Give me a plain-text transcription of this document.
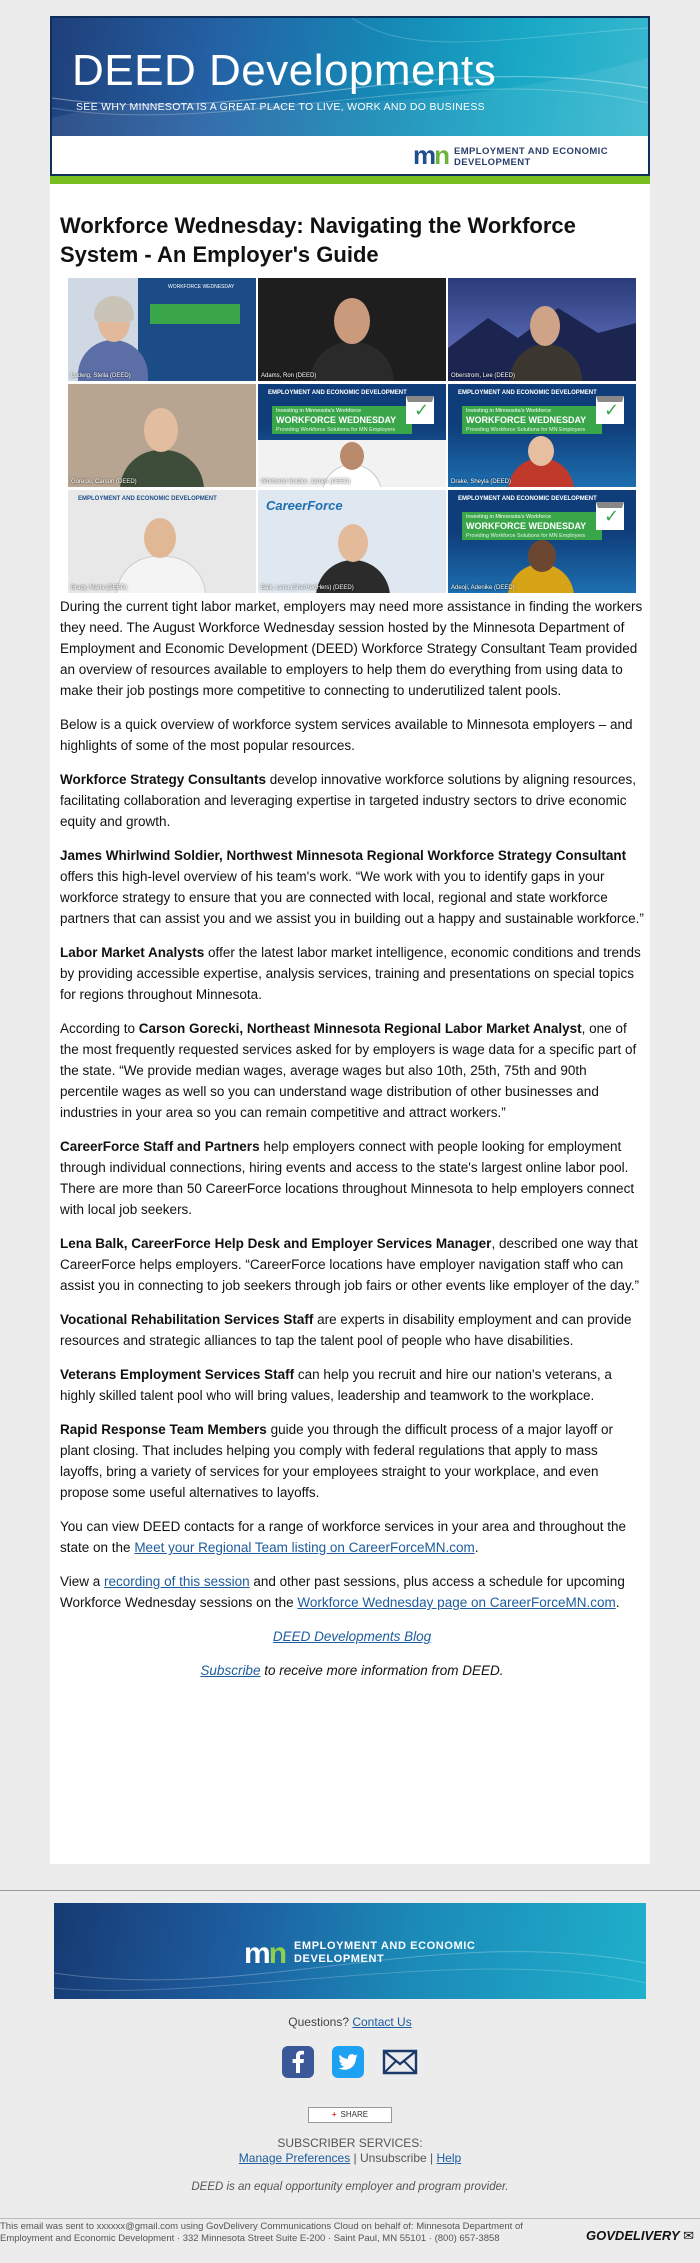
DEED Developments
SEE WHY MINNESOTA IS A GREAT PLACE TO LIVE, WORK AND DO BUSINESS
mn EMPLOYMENT AND ECONOMIC DEVELOPMENT
Workforce Wednesday: Navigating the Workforce System - An Employer's Guide
WORKFORCE WEDNESDAY
Ludwig, Stella (DEED)	Adams, Ron (DEED)	Oberstrom, Lee (DEED)
Gorecki, Carson (DEED)
EMPLOYMENT AND ECONOMIC DEVELOPMENT
Investing in Minnesota's Workforce
WORKFORCE WEDNESDAY
Providing Workforce Solutions for MN Employers
✓
Whirlwind Soldier, James (DEED)
EMPLOYMENT AND ECONOMIC DEVELOPMENT
Investing in Minnesota's Workforce
WORKFORCE WEDNESDAY
Providing Workforce Solutions for MN Employers
✓
Drake, Sheyla (DEED)
EMPLOYMENT AND ECONOMIC DEVELOPMENT
Brady, Marla (DEED)
CareerForce
Balk, Lena (She/Her/Hers) (DEED)
EMPLOYMENT AND ECONOMIC DEVELOPMENT
Investing in Minnesota's Workforce
WORKFORCE WEDNESDAY
Providing Workforce Solutions for MN Employers
✓
Adeoji, Adenike (DEED)

During the current tight labor market, employers may need more assistance in finding the workers they need. The August Workforce Wednesday session hosted by the Minnesota Department of Employment and Economic Development (DEED) Workforce Strategy Consultant Team provided an overview of resources available to employers to help them do everything from using data to make their job postings more competitive to connecting to underutilized talent pools.

Below is a quick overview of workforce system services available to Minnesota employers – and highlights of some of the most popular resources.

Workforce Strategy Consultants develop innovative workforce solutions by aligning resources, facilitating collaboration and leveraging expertise in targeted industry sectors to drive economic equity and growth.

James Whirlwind Soldier, Northwest Minnesota Regional Workforce Strategy Consultant offers this high-level overview of his team's work. “We work with you to identify gaps in your workforce strategy to ensure that you are connected with local, regional and state workforce partners that can assist you and we assist you in building out a happy and sustainable workforce.”

Labor Market Analysts offer the latest labor market intelligence, economic conditions and trends by providing accessible expertise, analysis services, training and presentations on special topics for regions throughout Minnesota.

According to Carson Gorecki, Northeast Minnesota Regional Labor Market Analyst, one of the most frequently requested services asked for by employers is wage data for a specific part of the state. “We provide median wages, average wages but also 10th, 25th, 75th and 90th percentile wages as well so you can understand wage distribution of other businesses and industries in your area so you can remain competitive and attract workers.”

CareerForce Staff and Partners help employers connect with people looking for employment through individual connections, hiring events and access to the state's largest online labor pool. There are more than 50 CareerForce locations throughout Minnesota to help employers connect with local job seekers.

Lena Balk, CareerForce Help Desk and Employer Services Manager, described one way that CareerForce helps employers. “CareerForce locations have employer navigation staff who can assist you in connecting to job seekers through job fairs or other events like employer of the day.”

Vocational Rehabilitation Services Staff are experts in disability employment and can provide resources and strategic alliances to tap the talent pool of people who have disabilities.

Veterans Employment Services Staff can help you recruit and hire our nation's veterans, a highly skilled talent pool who will bring values, leadership and teamwork to the workplace.

Rapid Response Team Members guide you through the difficult process of a major layoff or plant closing. That includes helping you comply with federal regulations that apply to mass layoffs, bring a variety of services for your employees straight to your workplace, and even propose some useful alternatives to layoffs.

You can view DEED contacts for a range of workforce services in your area and throughout the state on the Meet your Regional Team listing on CareerForceMN.com.

View a recording of this session and other past sessions, plus access a schedule for upcoming Workforce Wednesday sessions on the Workforce Wednesday page on CareerForceMN.com.

DEED Developments Blog

Subscribe to receive more information from DEED.

mn EMPLOYMENT AND ECONOMIC DEVELOPMENT
Questions? Contact Us

+ SHARE
SUBSCRIBER SERVICES:
Manage Preferences | Unsubscribe | Help
DEED is an equal opportunity employer and program provider.
This email was sent to xxxxxx@gmail.com using GovDelivery Communications Cloud on behalf of: Minnesota Department of Employment and Economic Development · 332 Minnesota Street Suite E-200 · Saint Paul, MN 55101 · (800) 657-3858	GOVDELIVERY ✉
